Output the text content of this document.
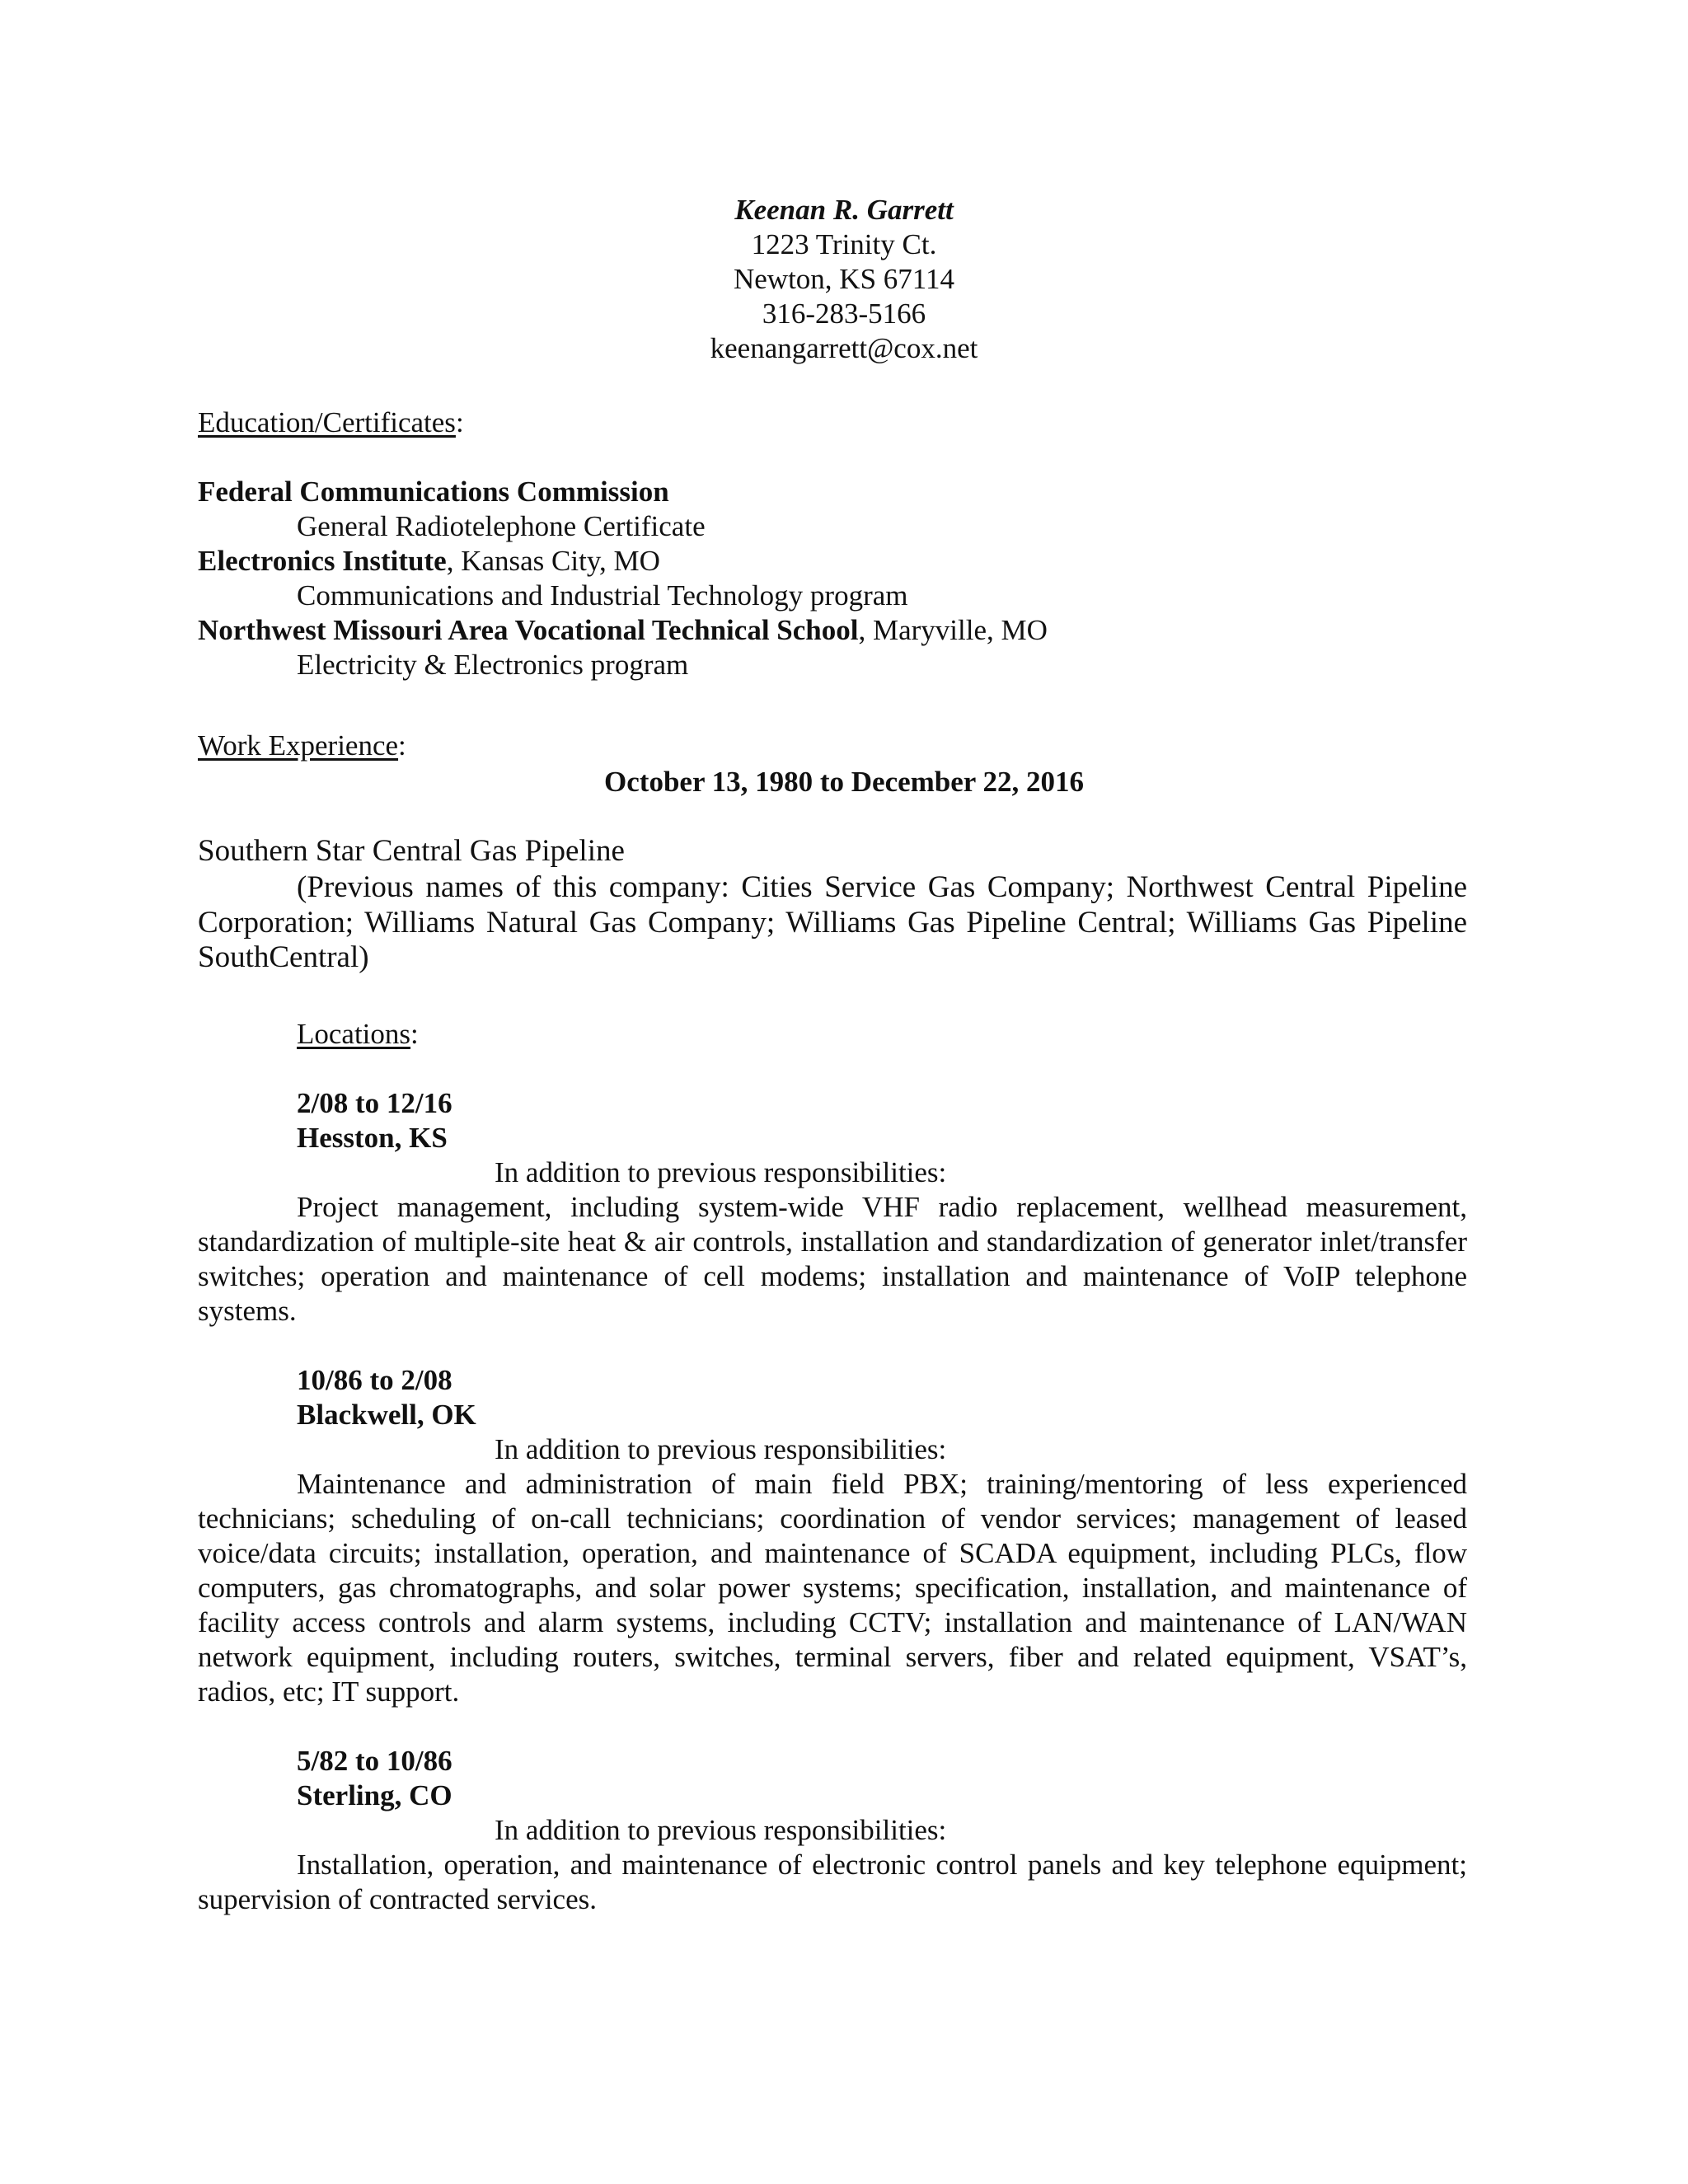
Keenan R. Garrett
1223 Trinity Ct.
Newton, KS 67114
316-283-5166
keenangarrett@cox.net
Education/Certificates:
Federal Communications Commission
General Radiotelephone Certificate
Electronics Institute, Kansas City, MO
Communications and Industrial Technology program
Northwest Missouri Area Vocational Technical School, Maryville, MO
Electricity & Electronics program
Work Experience:
October 13, 1980 to December 22, 2016
Southern Star Central Gas Pipeline
(Previous names of this company: Cities Service Gas Company; Northwest Central Pipeline Corporation; Williams Natural Gas Company; Williams Gas Pipeline Central; Williams Gas Pipeline SouthCentral)
Locations:
2/08 to 12/16
Hesston, KS
In addition to previous responsibilities:
Project management, including system-wide VHF radio replacement, wellhead measurement, standardization of multiple-site heat & air controls, installation and standardization of generator inlet/transfer switches; operation and maintenance of cell modems; installation and maintenance of VoIP telephone systems.
10/86 to 2/08
Blackwell, OK
In addition to previous responsibilities:
Maintenance and administration of main field PBX; training/mentoring of less experienced technicians; scheduling of on-call technicians; coordination of vendor services; management of leased voice/data circuits; installation, operation, and maintenance of SCADA equipment, including PLCs, flow computers, gas chromatographs, and solar power systems; specification, installation, and maintenance of facility access controls and alarm systems, including CCTV; installation and maintenance of LAN/WAN network equipment, including routers, switches, terminal servers, fiber and related equipment, VSAT’s, radios, etc; IT support.
5/82 to 10/86
Sterling, CO
In addition to previous responsibilities:
Installation, operation, and maintenance of electronic control panels and key telephone equipment; supervision of contracted services.
